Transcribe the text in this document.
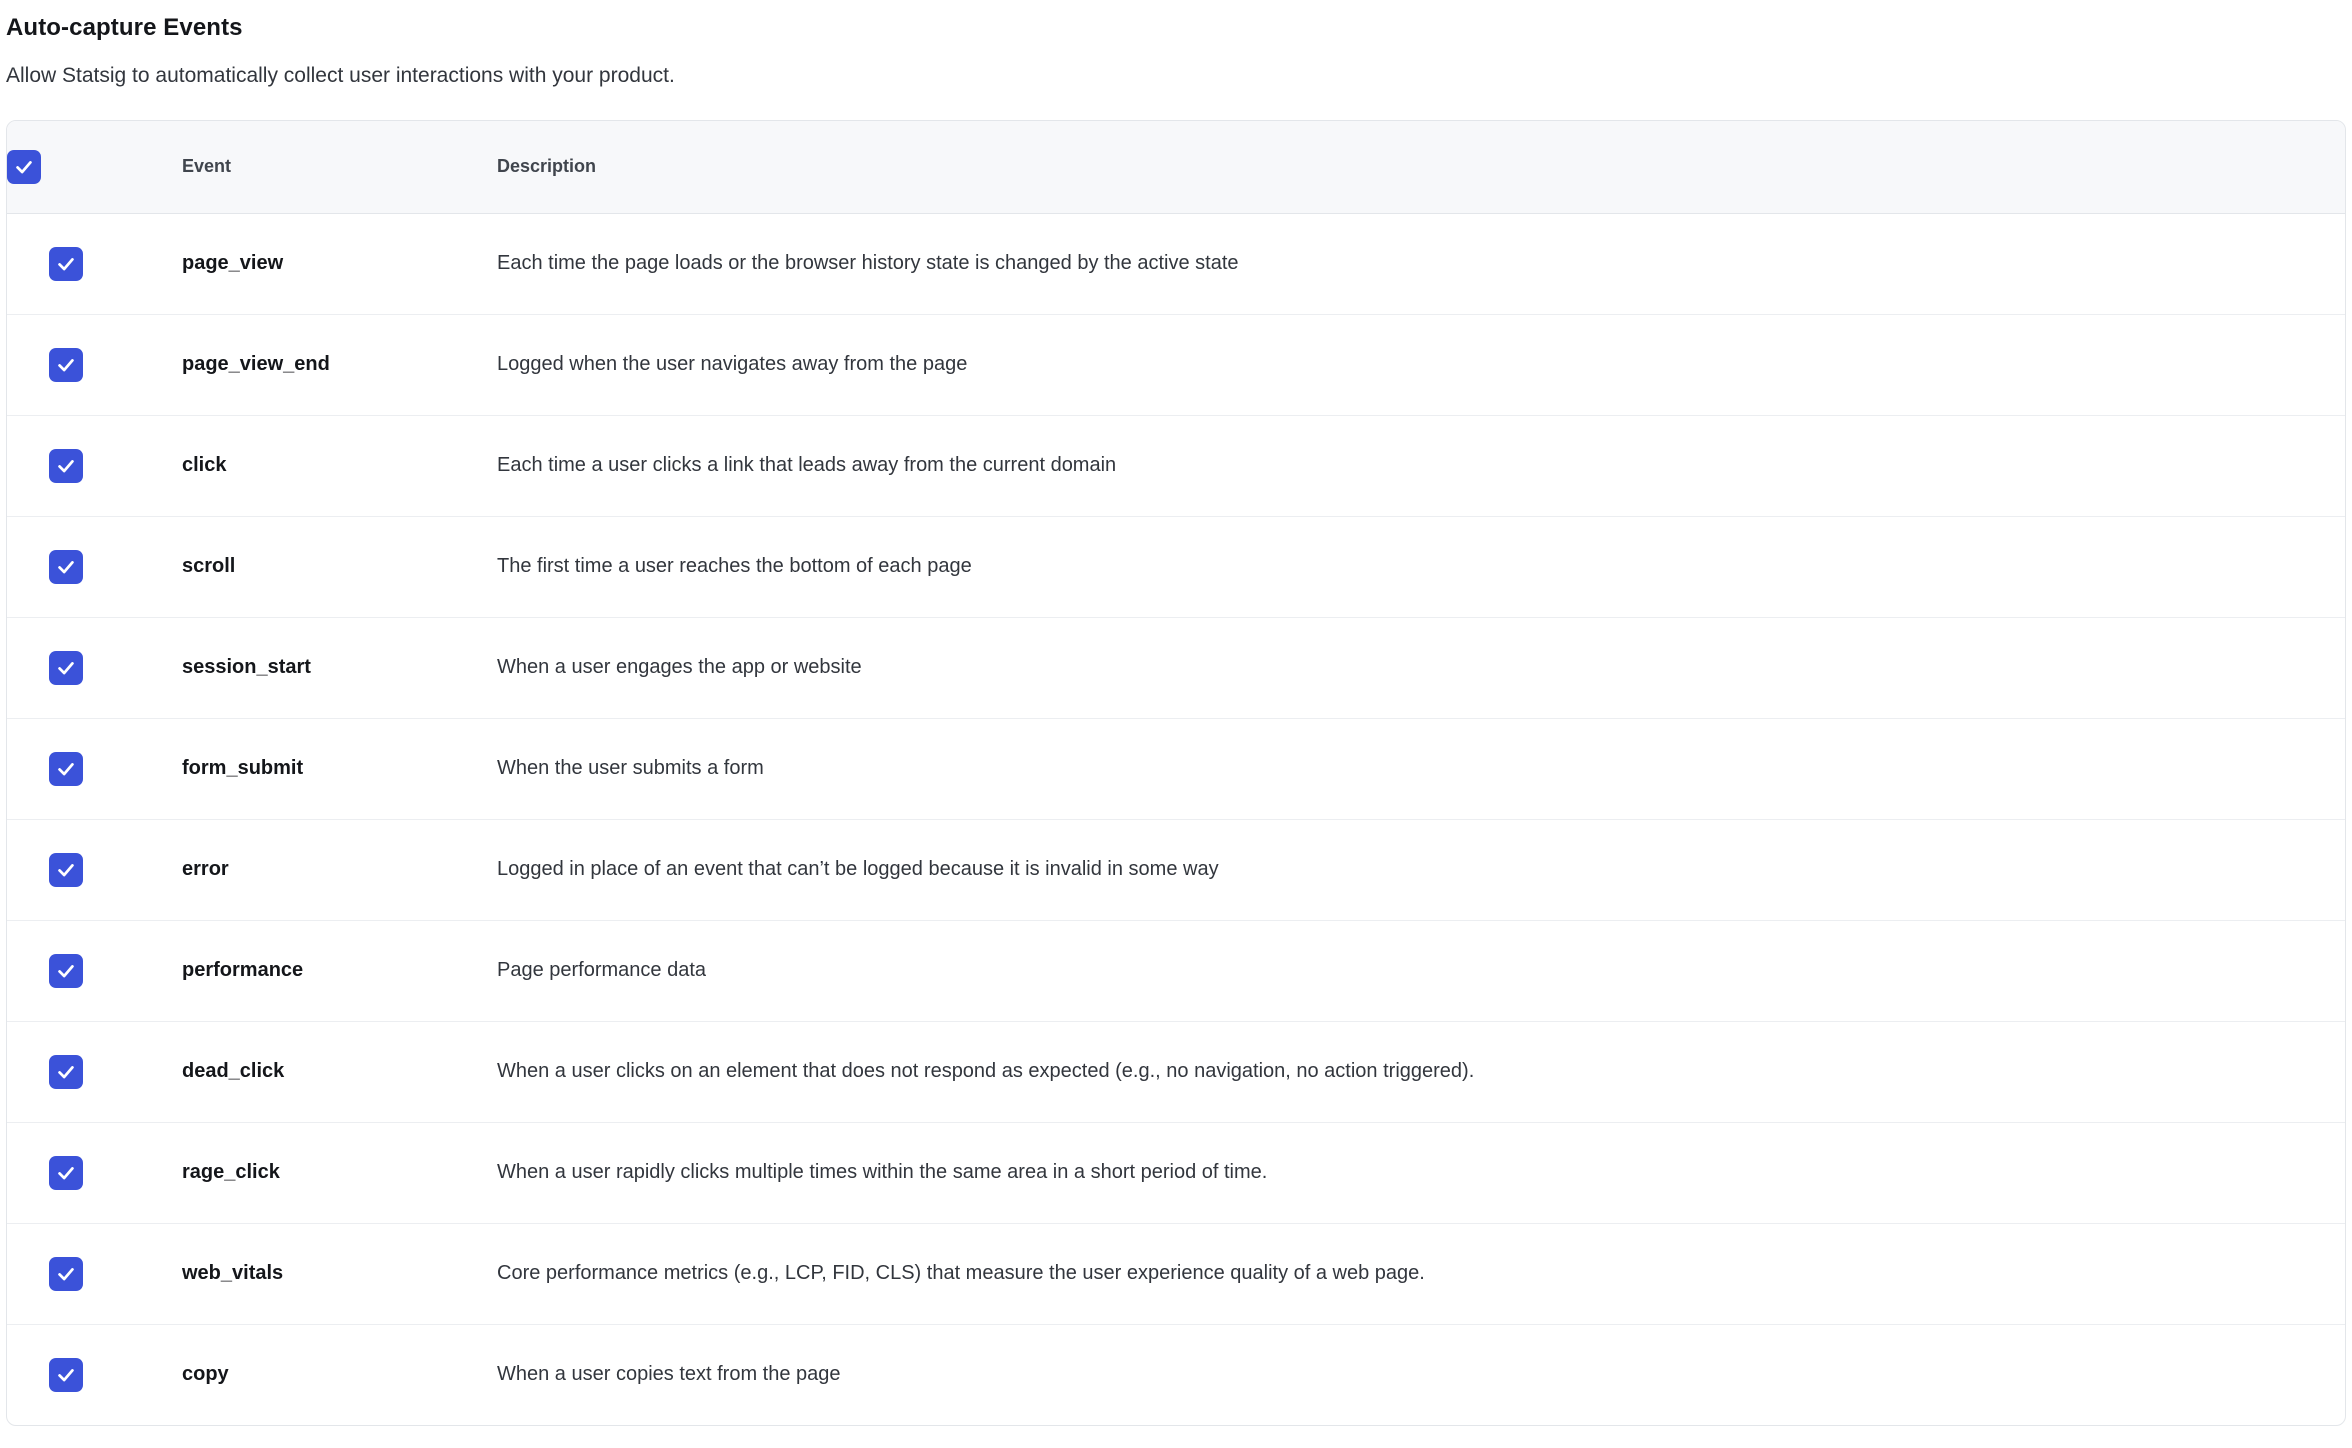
Auto-capture Events

Allow Statsig to automatically collect user interactions with your product.

	Event	Description

	page_view	Each time the page loads or the browser history state is changed by the active state

	page_view_end	Logged when the user navigates away from the page

	click	Each time a user clicks a link that leads away from the current domain

	scroll	The first time a user reaches the bottom of each page

	session_start	When a user engages the app or website

	form_submit	When the user submits a form

	error	Logged in place of an event that can’t be logged because it is invalid in some way

	performance	Page performance data

	dead_click	When a user clicks on an element that does not respond as expected (e.g., no navigation, no action triggered).

	rage_click	When a user rapidly clicks multiple times within the same area in a short period of time.

	web_vitals	Core performance metrics (e.g., LCP, FID, CLS) that measure the user experience quality of a web page.

	copy	When a user copies text from the page
